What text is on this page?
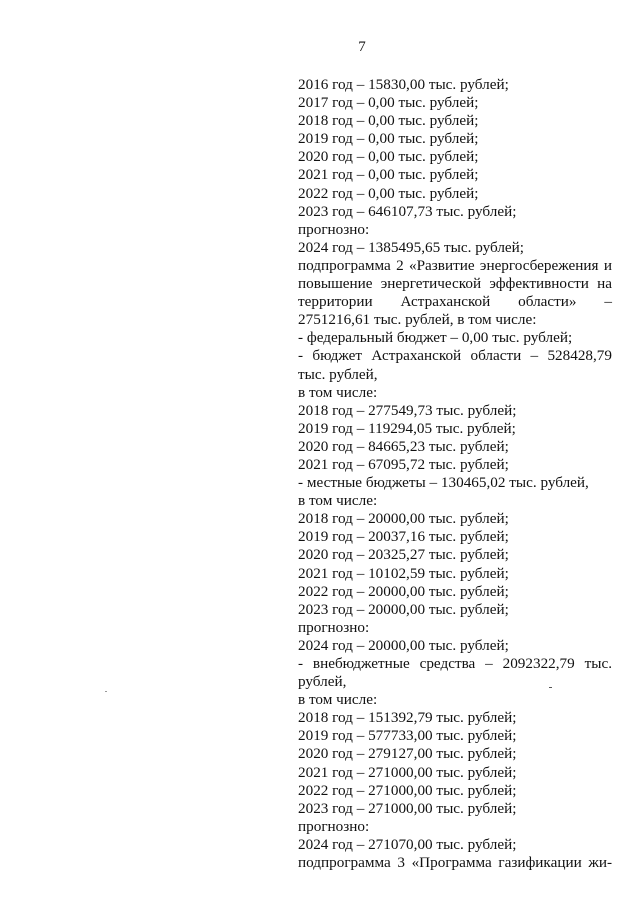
7
2016 год – 15830,00 тыс. рублей;
2017 год – 0,00 тыс. рублей;
2018 год – 0,00 тыс. рублей;
2019 год – 0,00 тыс. рублей;
2020 год – 0,00 тыс. рублей;
2021 год – 0,00 тыс. рублей;
2022 год – 0,00 тыс. рублей;
2023 год – 646107,73 тыс. рублей;
прогнозно:
2024 год – 1385495,65 тыс. рублей;
подпрограмма 2 «Развитие энергосбережения и
повышение энергетической эффективности на
территории Астраханской области» –
2751216,61 тыс. рублей, в том числе:
- федеральный бюджет – 0,00 тыс. рублей;
- бюджет Астраханской области – 528428,79
тыс. рублей,
в том числе:
2018 год – 277549,73 тыс. рублей;
2019 год – 119294,05 тыс. рублей;
2020 год – 84665,23 тыс. рублей;
2021 год – 67095,72 тыс. рублей;
- местные бюджеты – 130465,02 тыс. рублей,
в том числе:
2018 год – 20000,00 тыс. рублей;
2019 год – 20037,16 тыс. рублей;
2020 год – 20325,27 тыс. рублей;
2021 год – 10102,59 тыс. рублей;
2022 год – 20000,00 тыс. рублей;
2023 год – 20000,00 тыс. рублей;
прогнозно:
2024 год – 20000,00 тыс. рублей;
- внебюджетные средства – 2092322,79 тыс.
рублей,
в том числе:
2018 год – 151392,79 тыс. рублей;
2019 год – 577733,00 тыс. рублей;
2020 год – 279127,00 тыс. рублей;
2021 год – 271000,00 тыс. рублей;
2022 год – 271000,00 тыс. рублей;
2023 год – 271000,00 тыс. рублей;
прогнозно:
2024 год – 271070,00 тыс. рублей;
подпрограмма 3 «Программа газификации жи-
